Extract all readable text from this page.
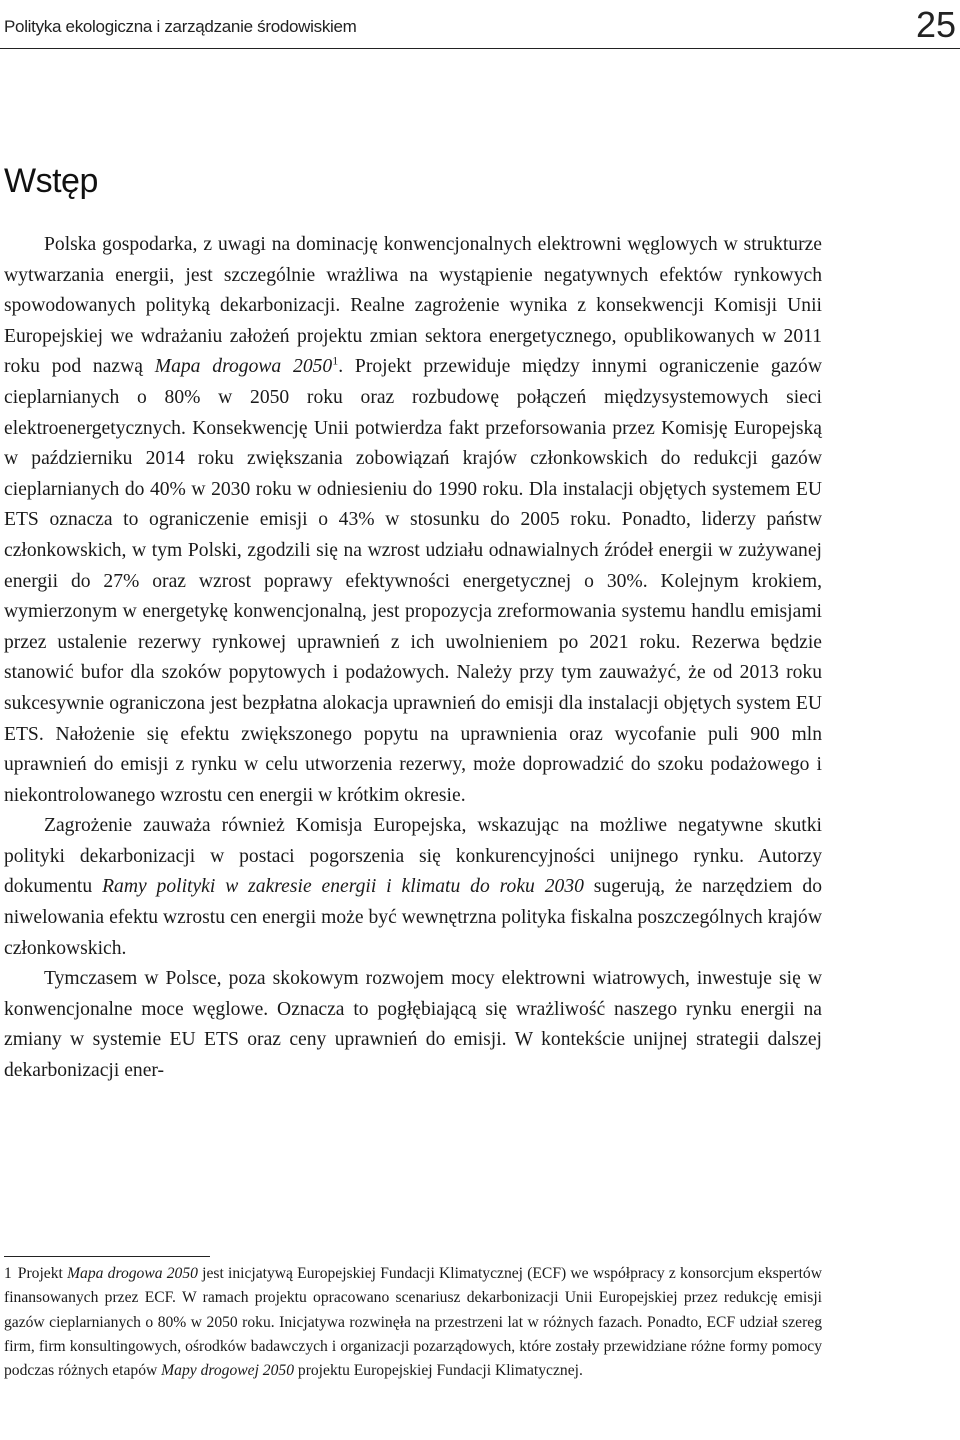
Polityka ekologiczna i zarządzanie środowiskiem	25
Wstęp

Polska gospodarka, z uwagi na dominację konwencjonalnych elektrowni węglowych w strukturze wytwarzania energii, jest szczególnie wrażliwa na wystąpienie negatywnych efektów rynkowych spowodowanych polityką dekarbonizacji. Realne zagrożenie wynika z konsekwencji Komisji Unii Europejskiej we wdrażaniu założeń projektu zmian sektora energetycznego, opublikowanych w 2011 roku pod nazwą Mapa drogowa 2050$^1$. Projekt przewiduje między innymi ograniczenie gazów cieplarnianych o 80% w 2050 roku oraz rozbudowę połączeń międzysystemowych sieci elektroenergetycznych. Konsekwencję Unii potwierdza fakt przeforsowania przez Komisję Europejską w październiku 2014 roku zwiększania zobowiązań krajów członkowskich do redukcji gazów cieplarnianych do 40% w 2030 roku w odniesieniu do 1990 roku. Dla instalacji objętych systemem EU ETS oznacza to ograniczenie emisji o 43% w stosunku do 2005 roku. Ponadto, liderzy państw członkowskich, w tym Polski, zgodzili się na wzrost udziału odnawialnych źródeł energii w zużywanej energii do 27% oraz wzrost poprawy efektywności energetycznej o 30%. Kolejnym krokiem, wymierzonym w energetykę konwencjonalną, jest propozycja zreformowania systemu handlu emisjami przez ustalenie rezerwy rynkowej uprawnień z ich uwolnieniem po 2021 roku. Rezerwa będzie stanowić bufor dla szoków popytowych i podażowych. Należy przy tym zauważyć, że od 2013 roku sukcesywnie ograniczona jest bezpłatna alokacja uprawnień do emisji dla instalacji objętych system EU ETS. Nałożenie się efektu zwiększonego popytu na uprawnienia oraz wycofanie puli 900 mln uprawnień do emisji z rynku w celu utworzenia rezerwy, może doprowadzić do szoku podażowego i niekontrolowanego wzrostu cen energii w krótkim okresie.

Zagrożenie zauważa również Komisja Europejska, wskazując na możliwe negatywne skutki polityki dekarbonizacji w postaci pogorszenia się konkurencyjności unijnego rynku. Autorzy dokumentu Ramy polityki w zakresie energii i klimatu do roku 2030 sugerują, że narzędziem do niwelowania efektu wzrostu cen energii może być wewnętrzna polityka fiskalna poszczególnych krajów członkowskich.

Tymczasem w Polsce, poza skokowym rozwojem mocy elektrowni wiatrowych, inwestuje się w konwencjonalne moce węglowe. Oznacza to pogłębiającą się wrażliwość naszego rynku energii na zmiany w systemie EU ETS oraz ceny uprawnień do emisji. W kontekście unijnej strategii dalszej dekarbonizacji ener-

1 Projekt Mapa drogowa 2050 jest inicjatywą Europejskiej Fundacji Klimatycznej (ECF) we współpracy z konsorcjum ekspertów finansowanych przez ECF. W ramach projektu opracowano scenariusz dekarbonizacji Unii Europejskiej przez redukcję emisji gazów cieplarnianych o 80% w 2050 roku. Inicjatywa rozwinęła na przestrzeni lat w różnych fazach. Ponadto, ECF udział szereg firm, firm konsultingowych, ośrodków badawczych i organizacji pozarządowych, które zostały przewidziane różne formy pomocy podczas różnych etapów Mapy drogowej 2050 projektu Europejskiej Fundacji Klimatycznej.
